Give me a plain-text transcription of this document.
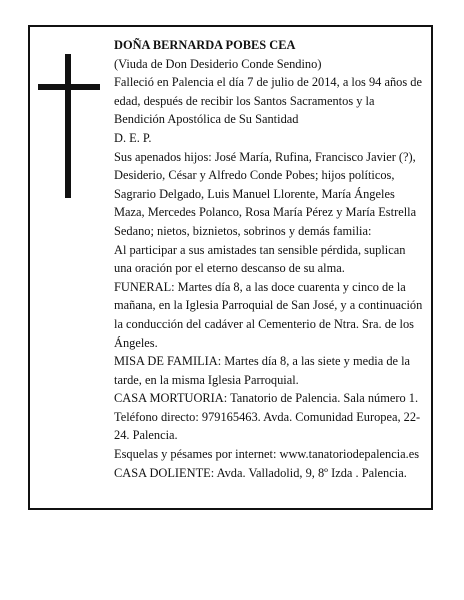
DOÑA BERNARDA POBES CEA

(Viuda de Don Desiderio Conde Sendino)

Falleció en Palencia el día 7 de julio de 2014, a los 94 años de edad, después de recibir los Santos Sacramentos y la Bendición Apostólica de Su Santidad

D. E. P.

Sus apenados hijos: José María, Rufina, Francisco Javier (?), Desiderio, César y Alfredo Conde Pobes; hijos políticos, Sagrario Delgado, Luis Manuel Llorente, María Ángeles Maza, Mercedes Polanco, Rosa María Pérez y María Estrella Sedano; nietos, biznietos, sobrinos y demás familia:

Al participar a sus amistades tan sensible pérdida, suplican una oración por el eterno descanso de su alma.

FUNERAL: Martes día 8, a las doce cuarenta y cinco de la mañana, en la Iglesia Parroquial de San José, y a continuación la conducción del cadáver al Cementerio de Ntra. Sra. de los Ángeles.

MISA DE FAMILIA: Martes día 8, a las siete y media de la tarde, en la misma Iglesia Parroquial.

CASA MORTUORIA: Tanatorio de Palencia. Sala número 1. Teléfono directo: 979165463. Avda. Comunidad Europea, 22-24. Palencia.

Esquelas y pésames por internet: www.tanatoriodepalencia.es

CASA DOLIENTE: Avda. Valladolid, 9, 8º Izda . Palencia.
